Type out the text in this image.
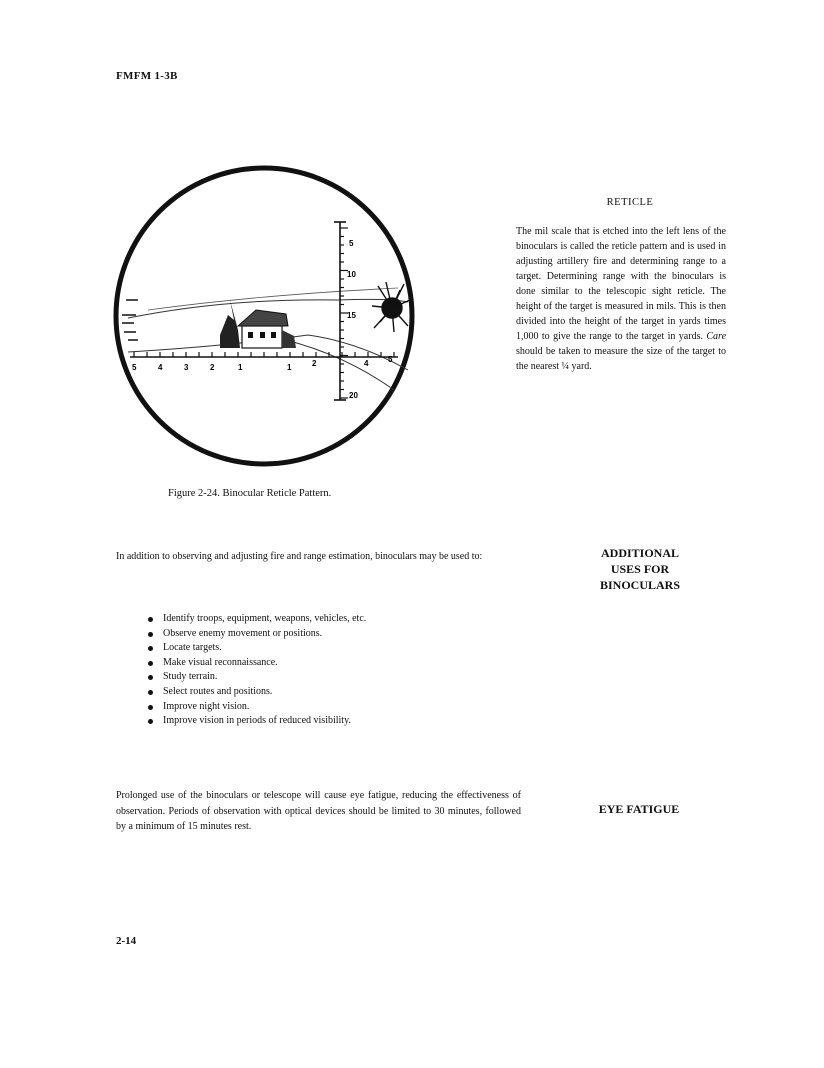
FMFM 1-3B
5
10
15
20
5	4	3	2	1	1	2	4 5
Figure 2-24. Binocular Reticle Pattern.
RETICLE
The mil scale that is etched into the left lens of the binoculars is called the reticle pattern and is used in adjusting artillery fire and determining range to a target. Determining range with the binoculars is done similar to the telescopic sight reticle. The height of the target is measured in mils. This is then divided into the height of the target in yards times 1,000 to give the range to the target in yards. Care should be taken to measure the size of the target to the nearest ¼ yard.
In addition to observing and adjusting fire and range estimation, binoculars may be used to:	ADDITIONAL
USES FOR
BINOCULARS
Identify troops, equipment, weapons, vehicles, etc.
Observe enemy movement or positions.
Locate targets.
Make visual reconnaissance.
Study terrain.
Select routes and positions.
Improve night vision.
Improve vision in periods of reduced visibility.
Prolonged use of the binoculars or telescope will cause eye fatigue, reducing the effectiveness of observation. Periods of observation with optical devices should be limited to 30 minutes, followed by a minimum of 15 minutes rest.
EYE FATIGUE
2-14
